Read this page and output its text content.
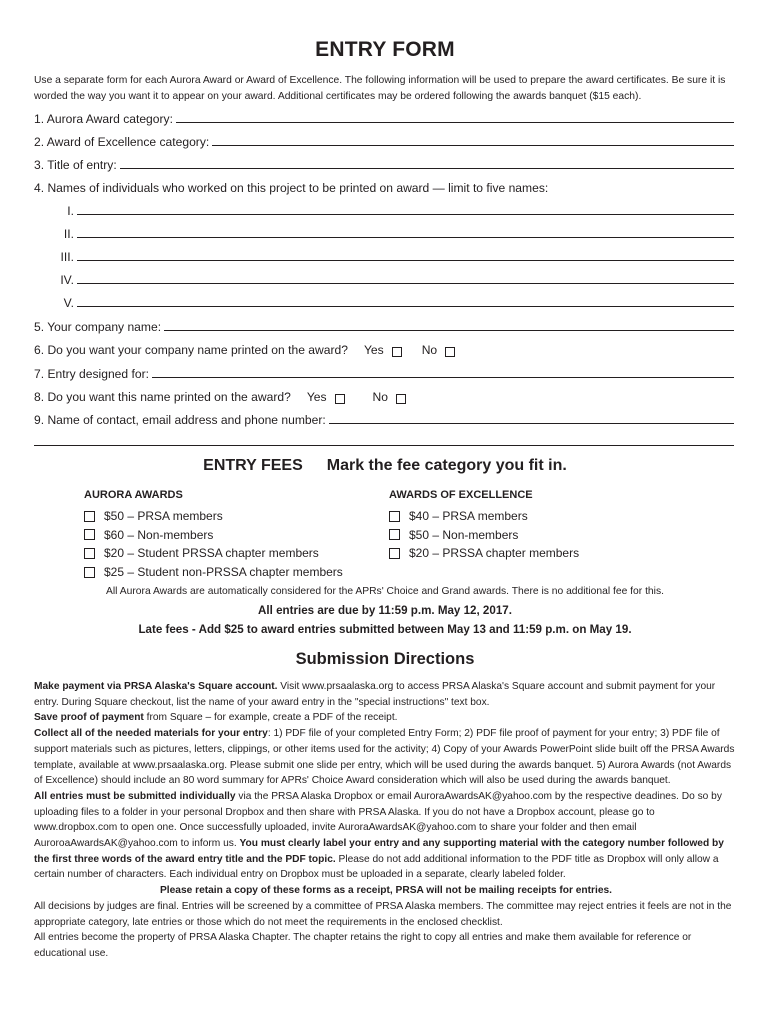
ENTRY FORM
Use a separate form for each Aurora Award or Award of Excellence. The following information will be used to prepare the award certificates. Be sure it is worded the way you want it to appear on your award. Additional certificates may be ordered following the awards banquet ($15 each).
1. Aurora Award category:
2. Award of Excellence category:
3. Title of entry:
4. Names of individuals who worked on this project to be printed on award — limit to five names:
I.
II.
III.
IV.
V.
5. Your company name:
6. Do you want your company name printed on the award? Yes	No
7. Entry designed for:
8. Do you want this name printed on the award? Yes	No
9. Name of contact, email address and phone number:
ENTRY FEES Mark the fee category you fit in.
AURORA AWARDS
$50 – PRSA members
$60 – Non-members
$20 – Student PRSSA chapter members
$25 – Student non-PRSSA chapter members
AWARDS OF EXCELLENCE
$40 – PRSA members
$50 – Non-members
$20 – PRSSA chapter members
All Aurora Awards are automatically considered for the APRs' Choice and Grand awards. There is no additional fee for this.
All entries are due by 11:59 p.m. May 12, 2017.
Late fees - Add $25 to award entries submitted between May 13 and 11:59 p.m. on May 19.
Submission Directions

Make payment via PRSA Alaska's Square account. Visit www.prsaalaska.org to access PRSA Alaska's Square account and submit payment for your entry. During Square checkout, list the name of your award entry in the "special instructions" text box.

Save proof of payment from Square – for example, create a PDF of the receipt.

Collect all of the needed materials for your entry: 1) PDF file of your completed Entry Form; 2) PDF file proof of payment for your entry; 3) PDF file of support materials such as pictures, letters, clippings, or other items used for the activity; 4) Copy of your Awards PowerPoint slide built off the PRSA Awards template, available at www.prsaalaska.org. Please submit one slide per entry, which will be used during the awards banquet. 5) Aurora Awards (not Awards of Excellence) should include an 80 word summary for APRs' Choice Award consideration which will also be used during the awards banquet.

All entries must be submitted individually via the PRSA Alaska Dropbox or email AuroraAwardsAK@yahoo.com by the respective deadines. Do so by uploading files to a folder in your personal Dropbox and then share with PRSA Alaska. If you do not have a Dropbox account, please go to www.dropbox.com to open one. Once successfully uploaded, invite AuroraAwardsAK@yahoo.com to share your folder and then email AuroroaAwardsAK@yahoo.com to inform us. You must clearly label your entry and any supporting material with the category number followed by the first three words of the award entry title and the PDF topic. Please do not add additional information to the PDF title as Dropbox will only allow a certain number of characters. Each individual entry on Dropbox must be uploaded in a separate, clearly labeled folder.

Please retain a copy of these forms as a receipt, PRSA will not be mailing receipts for entries.

All decisions by judges are final. Entries will be screened by a committee of PRSA Alaska members. The committee may reject entries it feels are not in the appropriate category, late entries or those which do not meet the requirements in the enclosed checklist.

All entries become the property of PRSA Alaska Chapter. The chapter retains the right to copy all entries and make them available for reference or educational use.
